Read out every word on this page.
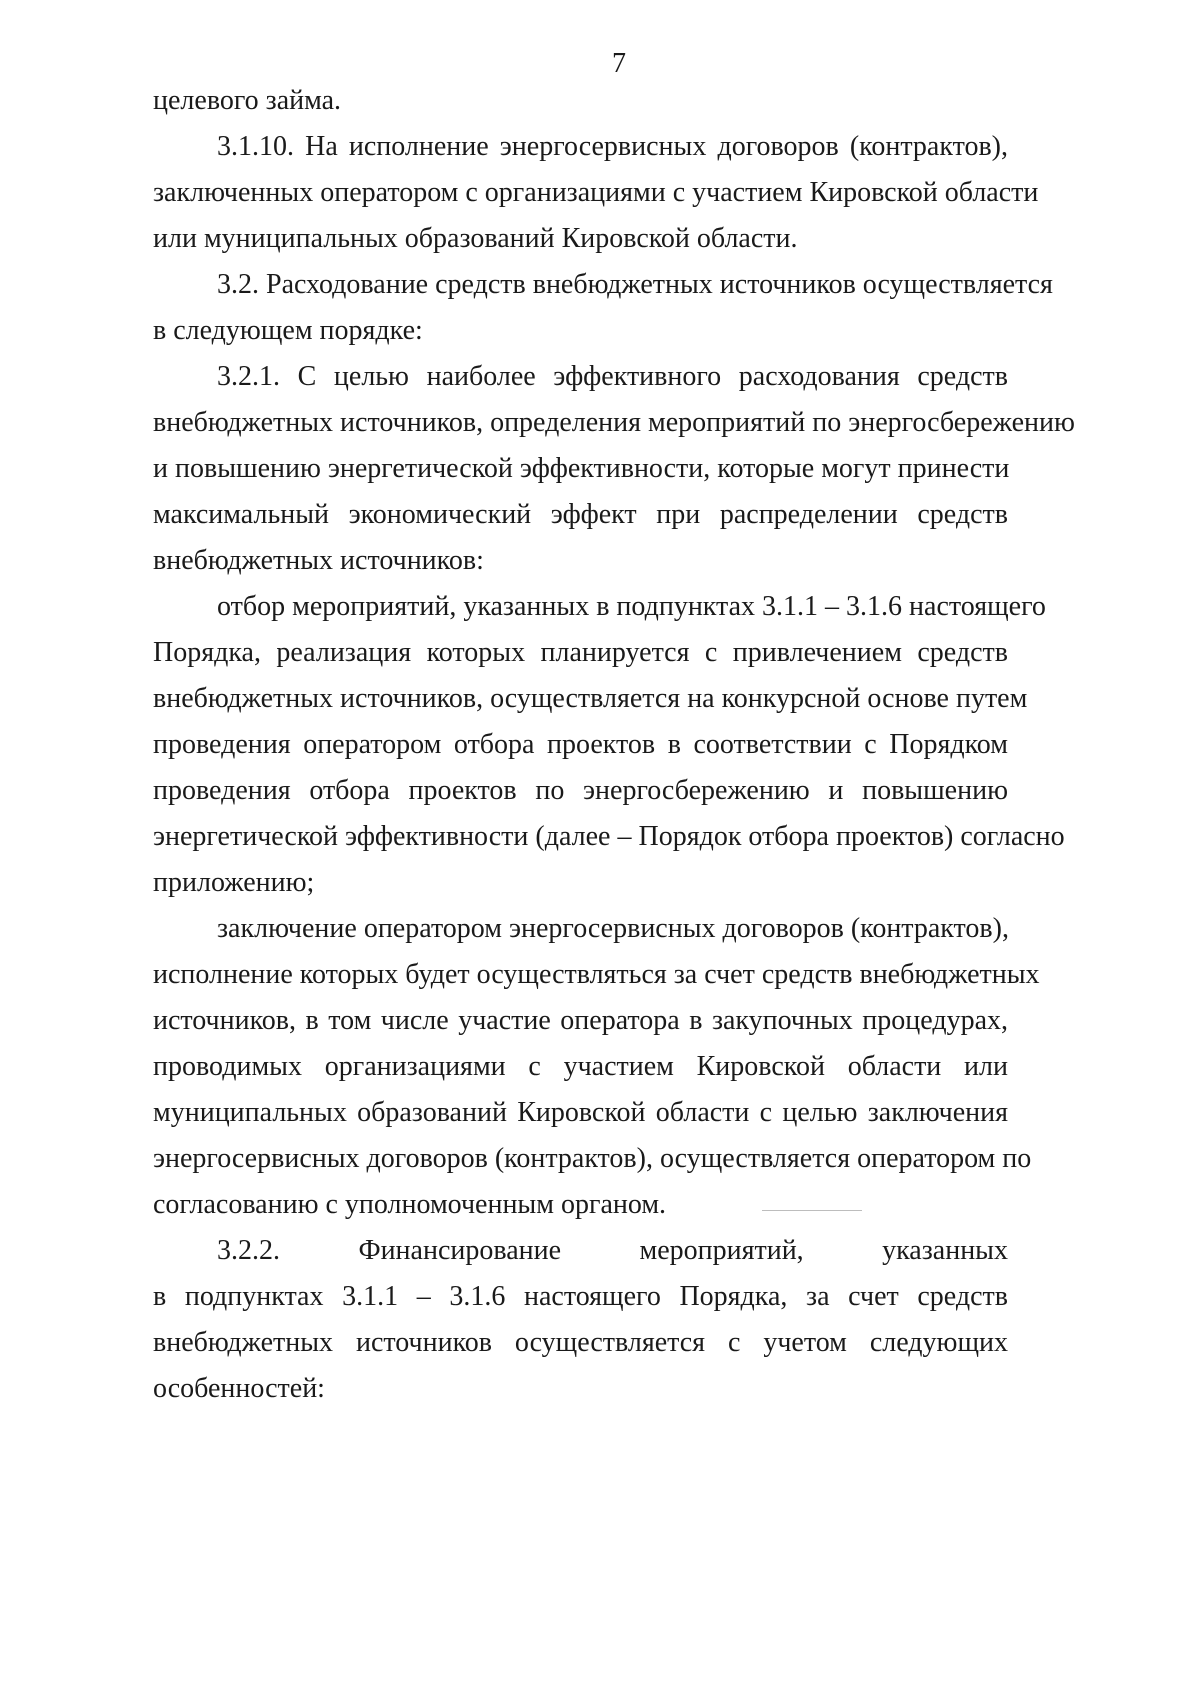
7
целевого займа.
3.1.10. На исполнение энергосервисных договоров (контрактов),
заключенных оператором с организациями с участием Кировской области
или муниципальных образований Кировской области.
3.2. Расходование средств внебюджетных источников осуществляется
в следующем порядке:
3.2.1. С целью наиболее эффективного расходования средств
внебюджетных источников, определения мероприятий по энергосбережению
и повышению энергетической эффективности, которые могут принести
максимальный экономический эффект при распределении средств
внебюджетных источников:
отбор мероприятий, указанных в подпунктах 3.1.1 – 3.1.6 настоящего
Порядка, реализация которых планируется с привлечением средств
внебюджетных источников, осуществляется на конкурсной основе путем
проведения оператором отбора проектов в соответствии с Порядком
проведения отбора проектов по энергосбережению и повышению
энергетической эффективности (далее – Порядок отбора проектов) согласно
приложению;
заключение оператором энергосервисных договоров (контрактов),
исполнение которых будет осуществляться за счет средств внебюджетных
источников, в том числе участие оператора в закупочных процедурах,
проводимых организациями с участием Кировской области или
муниципальных образований Кировской области с целью заключения
энергосервисных договоров (контрактов), осуществляется оператором по
согласованию с уполномоченным органом.
3.2.2. Финансирование мероприятий, указанных
в подпунктах 3.1.1 – 3.1.6 настоящего Порядка, за счет средств
внебюджетных источников осуществляется с учетом следующих
особенностей:
